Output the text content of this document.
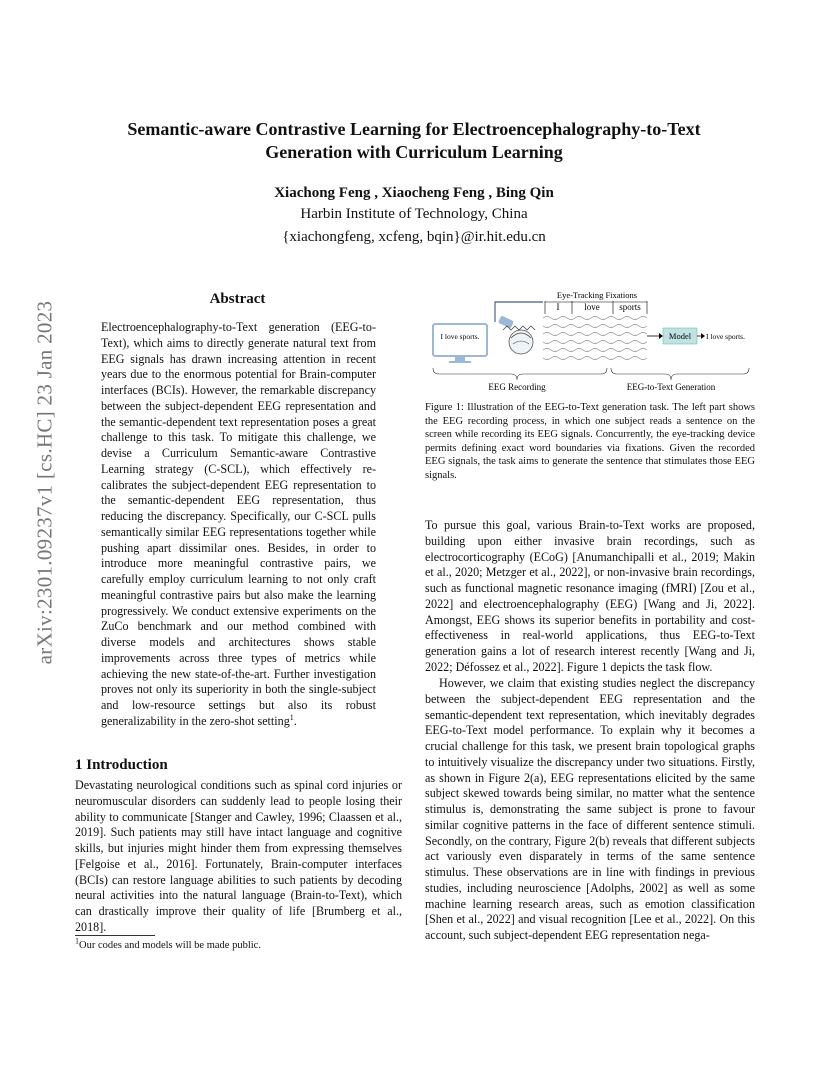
Semantic-aware Contrastive Learning for Electroencephalography-to-Text
Generation with Curriculum Learning
Xiachong Feng , Xiaocheng Feng , Bing Qin
Harbin Institute of Technology, China
{xiachongfeng, xcfeng, bqin}@ir.hit.edu.cn
arXiv:2301.09237v1 [cs.HC] 23 Jan 2023
Abstract
Electroencephalography-to-Text generation (EEG-to-Text), which aims to directly generate natural text from EEG signals has drawn increasing attention in recent years due to the enormous potential for Brain-computer interfaces (BCIs). However, the remarkable discrepancy between the subject-dependent EEG representation and the semantic-dependent text representation poses a great challenge to this task. To mitigate this challenge, we devise a Curriculum Semantic-aware Contrastive Learning strategy (C-SCL), which effectively re-calibrates the subject-dependent EEG representation to the semantic-dependent EEG representation, thus reducing the discrepancy. Specifically, our C-SCL pulls semantically similar EEG representations together while pushing apart dissimilar ones. Besides, in order to introduce more meaningful contrastive pairs, we carefully employ curriculum learning to not only craft meaningful contrastive pairs but also make the learning progressively. We conduct extensive experiments on the ZuCo benchmark and our method combined with diverse models and architectures shows stable improvements across three types of metrics while achieving the new state-of-the-art. Further investigation proves not only its superiority in both the single-subject and low-resource settings but also its robust generalizability in the zero-shot setting$^1$.
1 Introduction
Devastating neurological conditions such as spinal cord injuries or neuromuscular disorders can suddenly lead to people losing their ability to communicate [Stanger and Cawley, 1996; Claassen et al., 2019]. Such patients may still have intact language and cognitive skills, but injuries might hinder them from expressing themselves [Felgoise et al., 2016]. Fortunately, Brain-computer interfaces (BCIs) can restore language abilities to such patients by decoding neural activities into the natural language (Brain-to-Text), which can drastically improve their quality of life [Brumberg et al., 2018].
$^1$Our codes and models will be made public.
Eye-Tracking Fixations
I	love sports
I love sports.	Model I love sports.
EEG Recording	EEG-to-Text Generation
Figure 1: Illustration of the EEG-to-Text generation task. The left part shows the EEG recording process, in which one subject reads a sentence on the screen while recording its EEG signals. Concurrently, the eye-tracking device permits defining exact word boundaries via fixations. Given the recorded EEG signals, the task aims to generate the sentence that stimulates those EEG signals.
To pursue this goal, various Brain-to-Text works are proposed, building upon either invasive brain recordings, such as electrocorticography (ECoG) [Anumanchipalli et al., 2019; Makin et al., 2020; Metzger et al., 2022], or non-invasive brain recordings, such as functional magnetic resonance imaging (fMRI) [Zou et al., 2022] and electroencephalography (EEG) [Wang and Ji, 2022]. Amongst, EEG shows its superior benefits in portability and cost-effectiveness in real-world applications, thus EEG-to-Text generation gains a lot of research interest recently [Wang and Ji, 2022; Défossez et al., 2022]. Figure 1 depicts the task flow.
However, we claim that existing studies neglect the discrepancy between the subject-dependent EEG representation and the semantic-dependent text representation, which inevitably degrades EEG-to-Text model performance. To explain why it becomes a crucial challenge for this task, we present brain topological graphs to intuitively visualize the discrepancy under two situations. Firstly, as shown in Figure 2(a), EEG representations elicited by the same subject skewed towards being similar, no matter what the sentence stimulus is, demonstrating the same subject is prone to favour similar cognitive patterns in the face of different sentence stimuli. Secondly, on the contrary, Figure 2(b) reveals that different subjects act variously even disparately in terms of the same sentence stimulus. These observations are in line with findings in previous studies, including neuroscience [Adolphs, 2002] as well as some machine learning research areas, such as emotion classification [Shen et al., 2022] and visual recognition [Lee et al., 2022]. On this account, such subject-dependent EEG representation nega-
